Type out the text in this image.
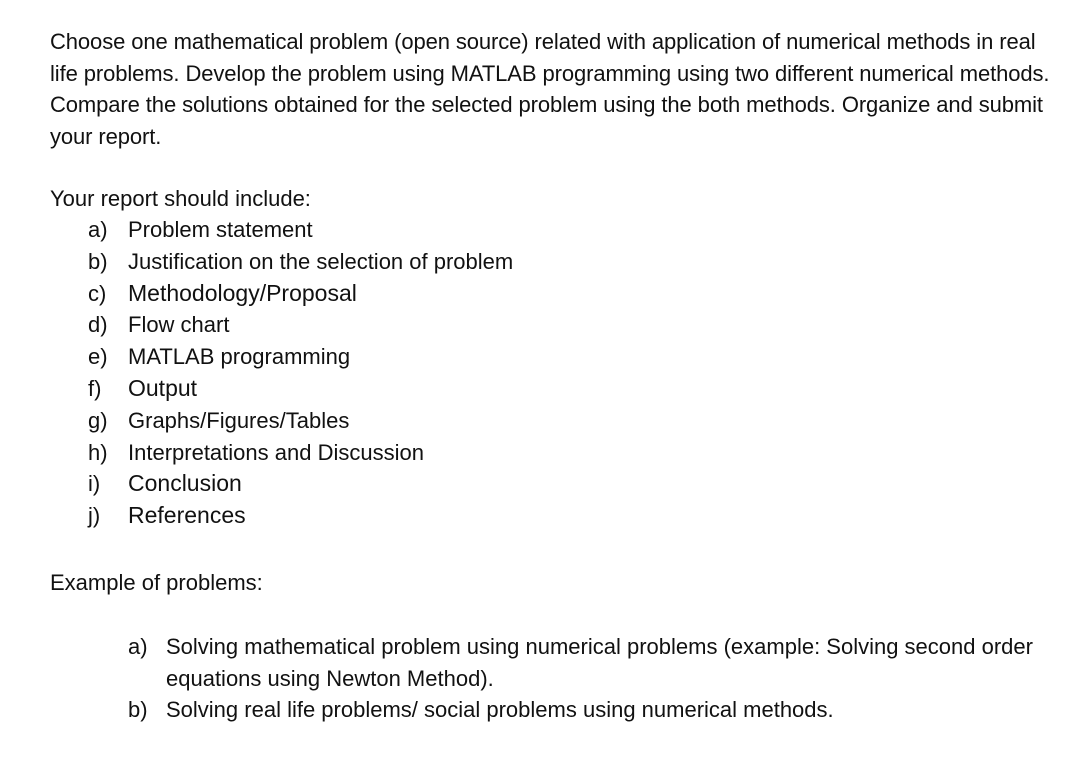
Choose one mathematical problem (open source) related with application of numerical methods in real life problems. Develop the problem using MATLAB programming using two different numerical methods. Compare the solutions obtained for the selected problem using the both methods. Organize and submit your report.

Your report should include:

a) Problem statement
b) Justification on the selection of problem
c) Methodology/Proposal
d) Flow chart
e) MATLAB programming
f)	Output
g) Graphs/Figures/Tables
h) Interpretations and Discussion
i)	Conclusion
j)	References

Example of problems:

a) Solving mathematical problem using numerical problems (example: Solving second order equations using Newton Method).
b) Solving real life problems/ social problems using numerical methods.
